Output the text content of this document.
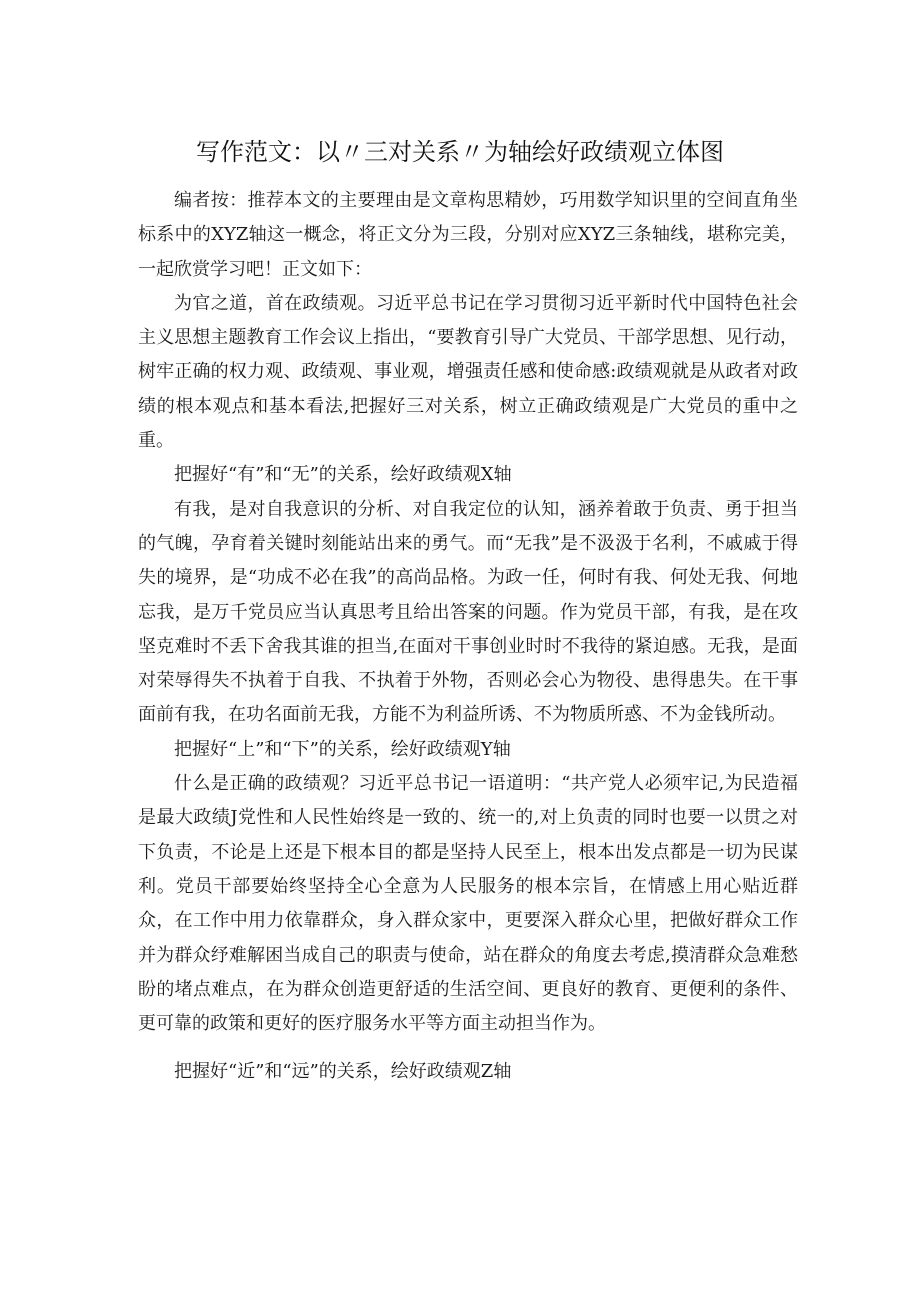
写作范文：以〃三对关系〃为轴绘好政绩观立体图

编者按：推荐本文的主要理由是文章构思精妙，巧用数学知识里的空间直角坐标系中的XYZ轴这一概念，将正文分为三段，分别对应XYZ三条轴线，堪称完美，一起欣赏学习吧！正文如下：

为官之道，首在政绩观。习近平总书记在学习贯彻习近平新时代中国特色社会主义思想主题教育工作会议上指出，“要教育引导广大党员、干部学思想、见行动，树牢正确的权力观、政绩观、事业观，增强责任感和使命感:政绩观就是从政者对政绩的根本观点和基本看法,把握好三对关系，树立正确政绩观是广大党员的重中之重。

把握好“有”和“无”的关系，绘好政绩观X轴

有我，是对自我意识的分析、对自我定位的认知，涵养着敢于负责、勇于担当的气魄，孕育着关键时刻能站出来的勇气。而“无我”是不汲汲于名利，不戚戚于得失的境界，是“功成不必在我”的高尚品格。为政一任，何时有我、何处无我、何地忘我，是万千党员应当认真思考且给出答案的问题。作为党员干部，有我，是在攻坚克难时不丢下舍我其谁的担当,在面对干事创业时时不我待的紧迫感。无我，是面对荣辱得失不执着于自我、不执着于外物，否则必会心为物役、患得患失。在干事面前有我，在功名面前无我，方能不为利益所诱、不为物质所惑、不为金钱所动。

把握好“上”和“下”的关系，绘好政绩观Y轴

什么是正确的政绩观？习近平总书记一语道明：“共产党人必须牢记,为民造福是最大政绩J党性和人民性始终是一致的、统一的,对上负责的同时也要一以贯之对下负责，不论是上还是下根本目的都是坚持人民至上，根本出发点都是一切为民谋利。党员干部要始终坚持全心全意为人民服务的根本宗旨，在情感上用心贴近群众，在工作中用力依靠群众，身入群众家中，更要深入群众心里，把做好群众工作并为群众纾难解困当成自己的职责与使命，站在群众的角度去考虑,摸清群众急难愁盼的堵点难点，在为群众创造更舒适的生活空间、更良好的教育、更便利的条件、更可靠的政策和更好的医疗服务水平等方面主动担当作为。

把握好“近”和“远”的关系，绘好政绩观Z轴
